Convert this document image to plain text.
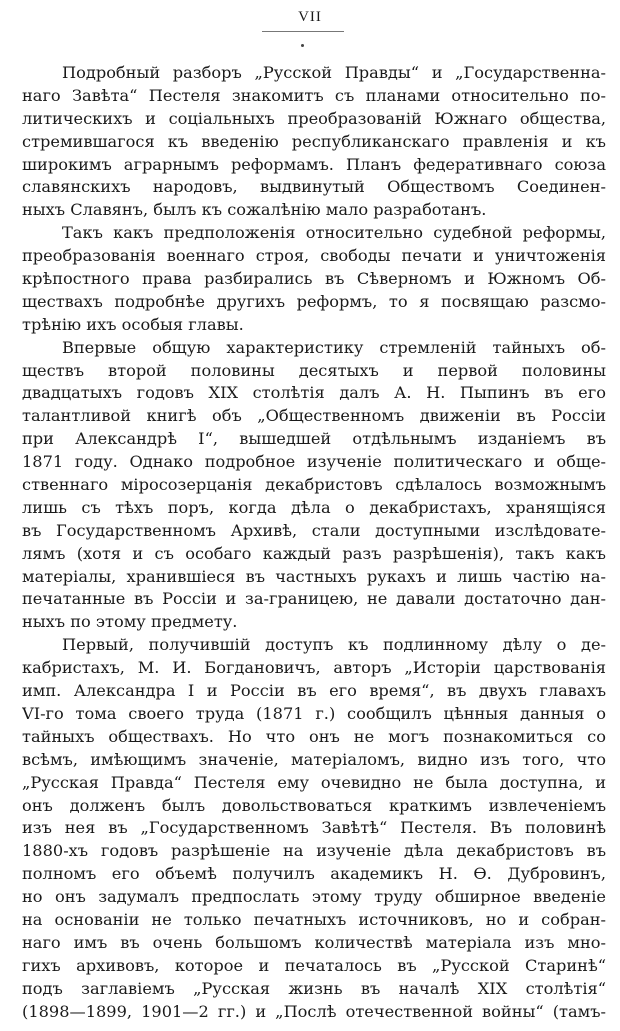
VII
Подробный разборъ „Русской Правды“ и „Государственна-
наго Завѣта“ Пестеля знакомитъ съ планами относительно по-
литическихъ и соціальныхъ преобразованій Южнаго общества,
стремившагося къ введенію республиканскаго правленія и къ
широкимъ аграрнымъ реформамъ. Планъ федеративнаго союза
славянскихъ народовъ, выдвинутый Обществомъ Соединен-
ныхъ Славянъ, былъ къ сожалѣнію мало разработанъ.
Такъ какъ предположенія относительно судебной реформы,
преобразованія военнаго строя, свободы печати и уничтоженія
крѣпостного права разбирались въ Сѣверномъ и Южномъ Об-
ществахъ подробнѣе другихъ реформъ, то я посвящаю разсмо-
трѣнію ихъ особыя главы.
Впервые общую характеристику стремленій тайныхъ об-
ществъ второй половины десятыхъ и первой половины
двадцатыхъ годовъ XIX столѣтія далъ А. Н. Пыпинъ въ его
талантливой книгѣ объ „Общественномъ движеніи въ Россіи
при Александрѣ I“, вышедшей отдѣльнымъ изданіемъ въ
1871 году. Однако подробное изученіе политическаго и обще-
ственнаго міросозерцанія декабристовъ сдѣлалось возможнымъ
лишь съ тѣхъ поръ, когда дѣла о декабристахъ, хранящіяся
въ Государственномъ Архивѣ, стали доступными изслѣдовате-
лямъ (хотя и съ особаго каждый разъ разрѣшенія), такъ какъ
матеріалы, хранившіеся въ частныхъ рукахъ и лишь частію на-
печатанные въ Россіи и за-границею, не давали достаточно дан-
ныхъ по этому предмету.
Первый, получившій доступъ къ подлинному дѣлу о де-
кабристахъ, М. И. Богдановичъ, авторъ „Исторіи царствованія
имп. Александра I и Россіи въ его время“, въ двухъ главахъ
VI-го тома своего труда (1871 г.) сообщилъ цѣнныя данныя о
тайныхъ обществахъ. Но что онъ не могъ познакомиться со
всѣмъ, имѣющимъ значеніе, матеріаломъ, видно изъ того, что
„Русская Правда“ Пестеля ему очевидно не была доступна, и
онъ долженъ былъ довольствоваться краткимъ извлеченіемъ
изъ нея въ „Государственномъ Завѣтѣ“ Пестеля. Въ половинѣ
1880-хъ годовъ разрѣшеніе на изученіе дѣла декабристовъ въ
полномъ его объемѣ получилъ академикъ Н. Ѳ. Дубровинъ,
но онъ задумалъ предпослать этому труду обширное введеніе
на основаніи не только печатныхъ источниковъ, но и собран-
наго имъ въ очень большомъ количествѣ матеріала изъ мно-
гихъ архивовъ, которое и печаталось въ „Русской Старинѣ“
подъ заглавіемъ „Русская жизнь въ началѣ XIX столѣтія“
(1898—1899, 1901—2 гг.) и „Послѣ отечественной войны“ (тамъ-
